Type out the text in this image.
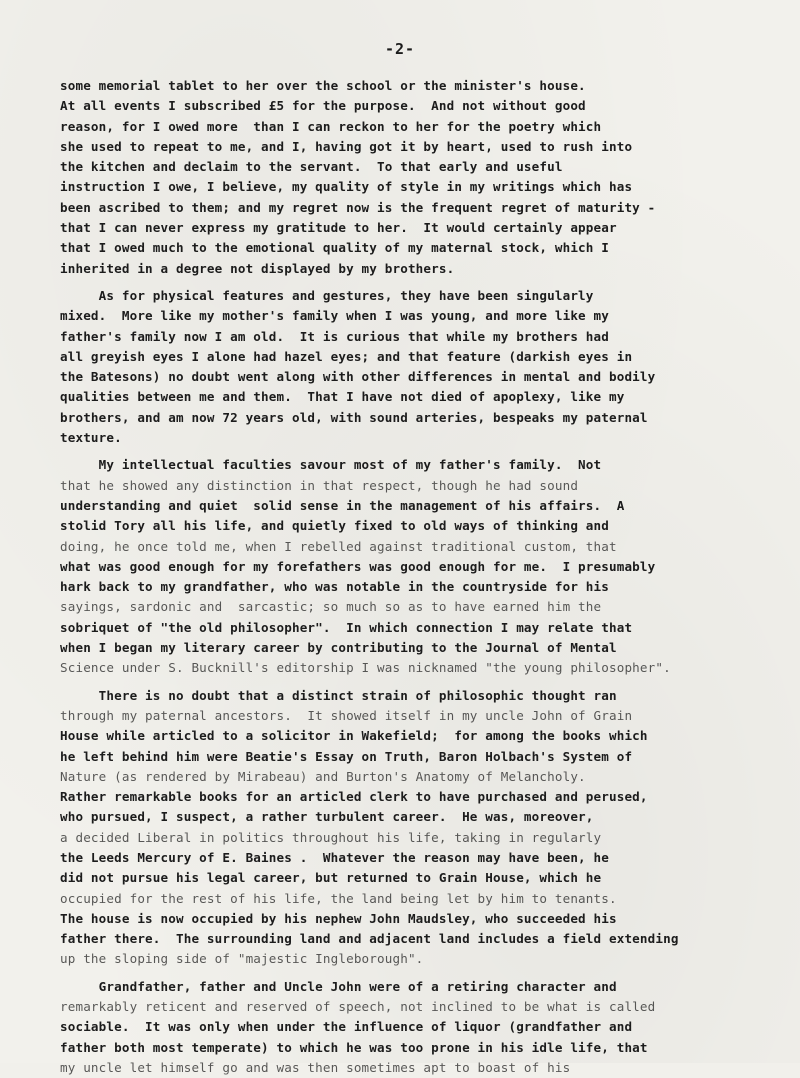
-2-
some memorial tablet to her over the school or the minister's house.
At all events I subscribed £5 for the purpose.  And not without good
reason, for I owed more  than I can reckon to her for the poetry which
she used to repeat to me, and I, having got it by heart, used to rush into
the kitchen and declaim to the servant.  To that early and useful
instruction I owe, I believe, my quality of style in my writings which has
been ascribed to them; and my regret now is the frequent regret of maturity -
that I can never express my gratitude to her.  It would certainly appear
that I owed much to the emotional quality of my maternal stock, which I
inherited in a degree not displayed by my brothers.
As for physical features and gestures, they have been singularly
mixed.  More like my mother's family when I was young, and more like my
father's family now I am old.  It is curious that while my brothers had
all greyish eyes I alone had hazel eyes; and that feature (darkish eyes in
the Batesons) no doubt went along with other differences in mental and bodily
qualities between me and them.  That I have not died of apoplexy, like my
brothers, and am now 72 years old, with sound arteries, bespeaks my paternal
texture.
My intellectual faculties savour most of my father's family.  Not
that he showed any distinction in that respect, though he had sound
understanding and quiet  solid sense in the management of his affairs.  A
stolid Tory all his life, and quietly fixed to old ways of thinking and
doing, he once told me, when I rebelled against traditional custom, that
what was good enough for my forefathers was good enough for me.  I presumably
hark back to my grandfather, who was notable in the countryside for his
sayings, sardonic and  sarcastic; so much so as to have earned him the
sobriquet of "the old philosopher".  In which connection I may relate that
when I began my literary career by contributing to the Journal of Mental
Science under S. Bucknill's editorship I was nicknamed "the young philosopher".
There is no doubt that a distinct strain of philosophic thought ran
through my paternal ancestors.  It showed itself in my uncle John of Grain
House while articled to a solicitor in Wakefield;  for among the books which
he left behind him were Beatie's Essay on Truth, Baron Holbach's System of
Nature (as rendered by Mirabeau) and Burton's Anatomy of Melancholy.
Rather remarkable books for an articled clerk to have purchased and perused,
who pursued, I suspect, a rather turbulent career.  He was, moreover,
a decided Liberal in politics throughout his life, taking in regularly
the Leeds Mercury of E. Baines .  Whatever the reason may have been, he
did not pursue his legal career, but returned to Grain House, which he
occupied for the rest of his life, the land being let by him to tenants.
The house is now occupied by his nephew John Maudsley, who succeeded his
father there.  The surrounding land and adjacent land includes a field extending
up the sloping side of "majestic Ingleborough".
Grandfather, father and Uncle John were of a retiring character and
remarkably reticent and reserved of speech, not inclined to be what is called
sociable.  It was only when under the influence of liquor (grandfather and
father both most temperate) to which he was too prone in his idle life, that
my uncle let himself go and was then sometimes apt to boast of his
